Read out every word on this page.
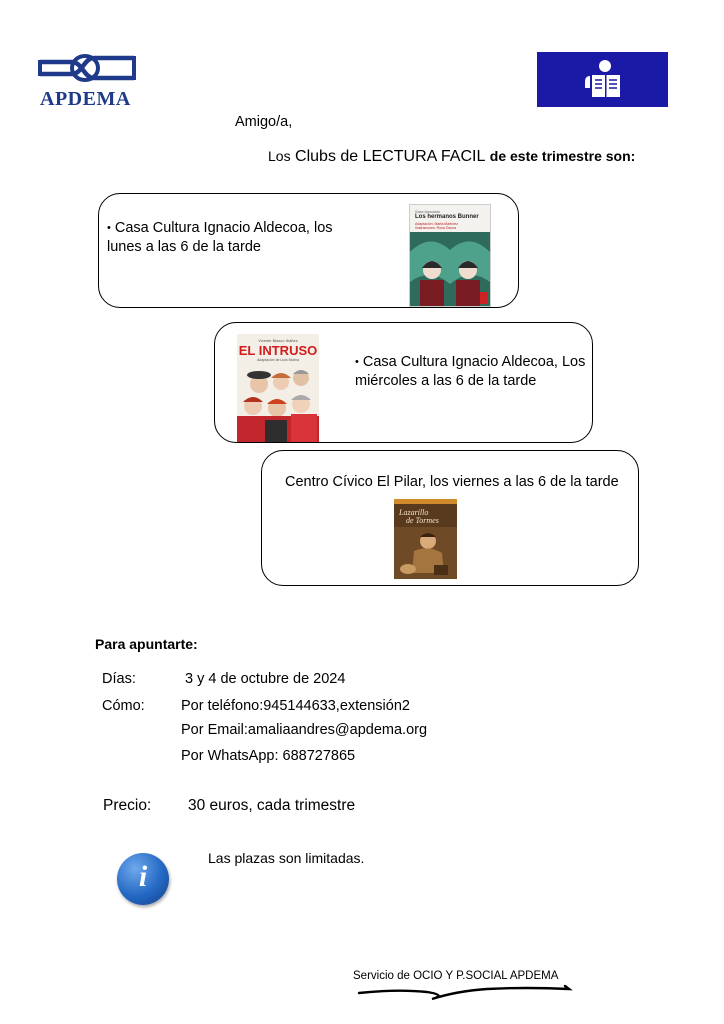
APDEMA
Amigo/a,
Los Clubs de LECTURA FACIL de este trimestre son:
• Casa Cultura Ignacio Aldecoa, los lunes a las 6 de la tarde
Sara Ansolato
Los hermanos Bunner
Adaptación: Marta Martínez
Ilustraciones: Rosa Osuna
Vicente Blasco Ibáñez
EL INTRUSO
Adaptación de Lluis Molina	• Casa Cultura Ignacio Aldecoa, Los miércoles a las 6 de la tarde
Centro Cívico El Pilar, los viernes a las 6 de la tarde
Lazarillo
de Tormes
Para apuntarte:
Días:	3 y 4 de octubre de 2024
Cómo:	Por teléfono:945144633,extensión2
Por Email:amaliaandres@apdema.org
Por WhatsApp: 688727865
Precio: 30 euros, cada trimestre
i
Las plazas son limitadas.
Servicio de OCIO Y P.SOCIAL APDEMA
